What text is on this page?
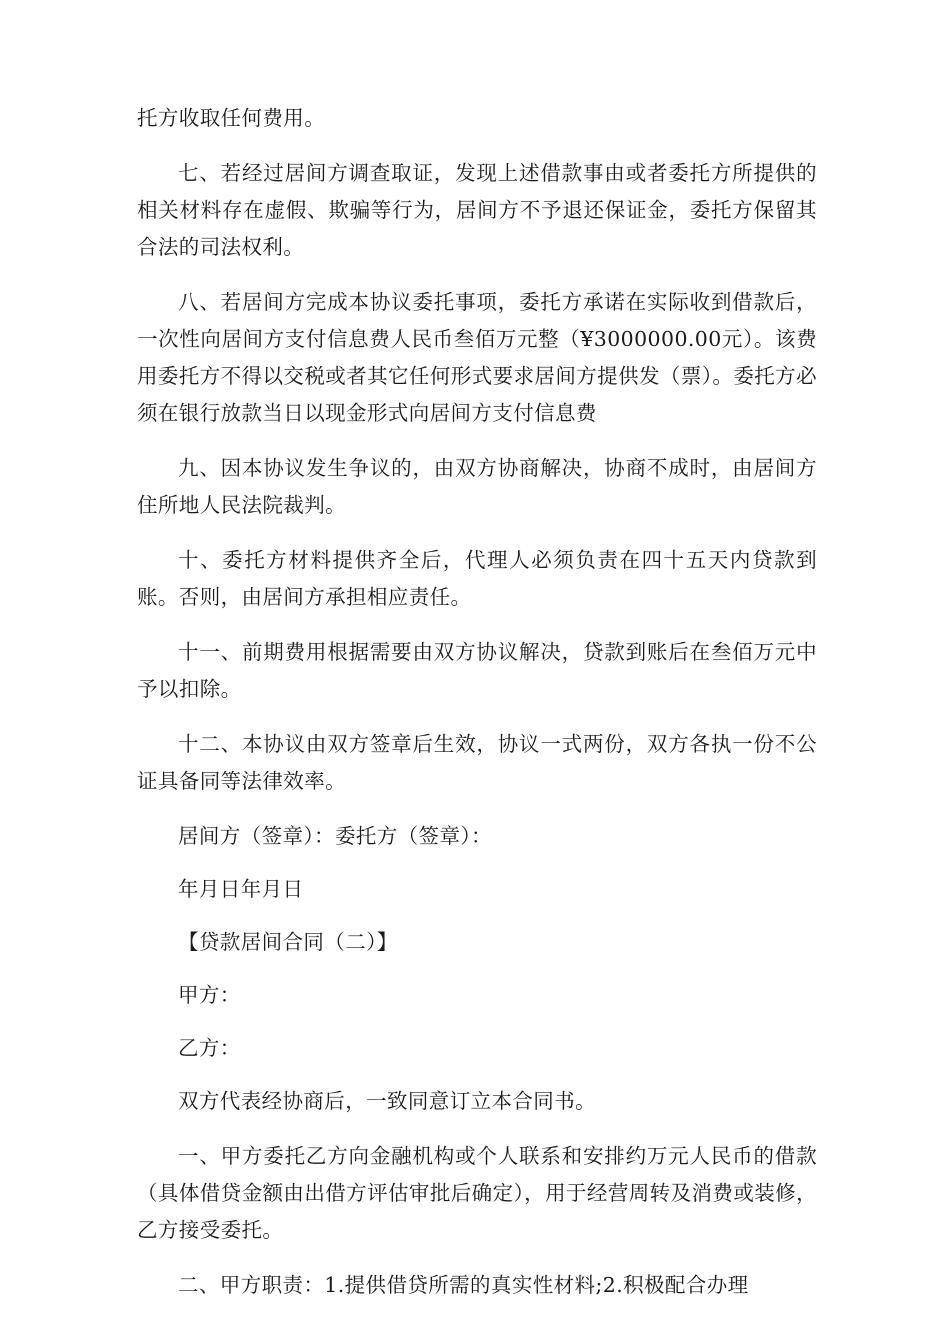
托方收取任何费用。

七、若经过居间方调查取证，发现上述借款事由或者委托方所提供的相关材料存在虚假、欺骗等行为，居间方不予退还保证金，委托方保留其合法的司法权利。

八、若居间方完成本协议委托事项，委托方承诺在实际收到借款后，一次性向居间方支付信息费人民币叁佰万元整（¥3000000.00元）。该费用委托方不得以交税或者其它任何形式要求居间方提供发（票）。委托方必须在银行放款当日以现金形式向居间方支付信息费

九、因本协议发生争议的，由双方协商解决，协商不成时，由居间方住所地人民法院裁判。

十、委托方材料提供齐全后，代理人必须负责在四十五天内贷款到账。否则，由居间方承担相应责任。

十一、前期费用根据需要由双方协议解决，贷款到账后在叁佰万元中予以扣除。

十二、本协议由双方签章后生效，协议一式两份，双方各执一份不公证具备同等法律效率。

居间方（签章）：委托方（签章）：

年月日年月日

【贷款居间合同（二）】

甲方：

乙方：

双方代表经协商后，一致同意订立本合同书。

一、甲方委托乙方向金融机构或个人联系和安排约万元人民币的借款（具体借贷金额由出借方评估审批后确定），用于经营周转及消费或装修，乙方接受委托。

二、甲方职责：1.提供借贷所需的真实性材料;2.积极配合办理
